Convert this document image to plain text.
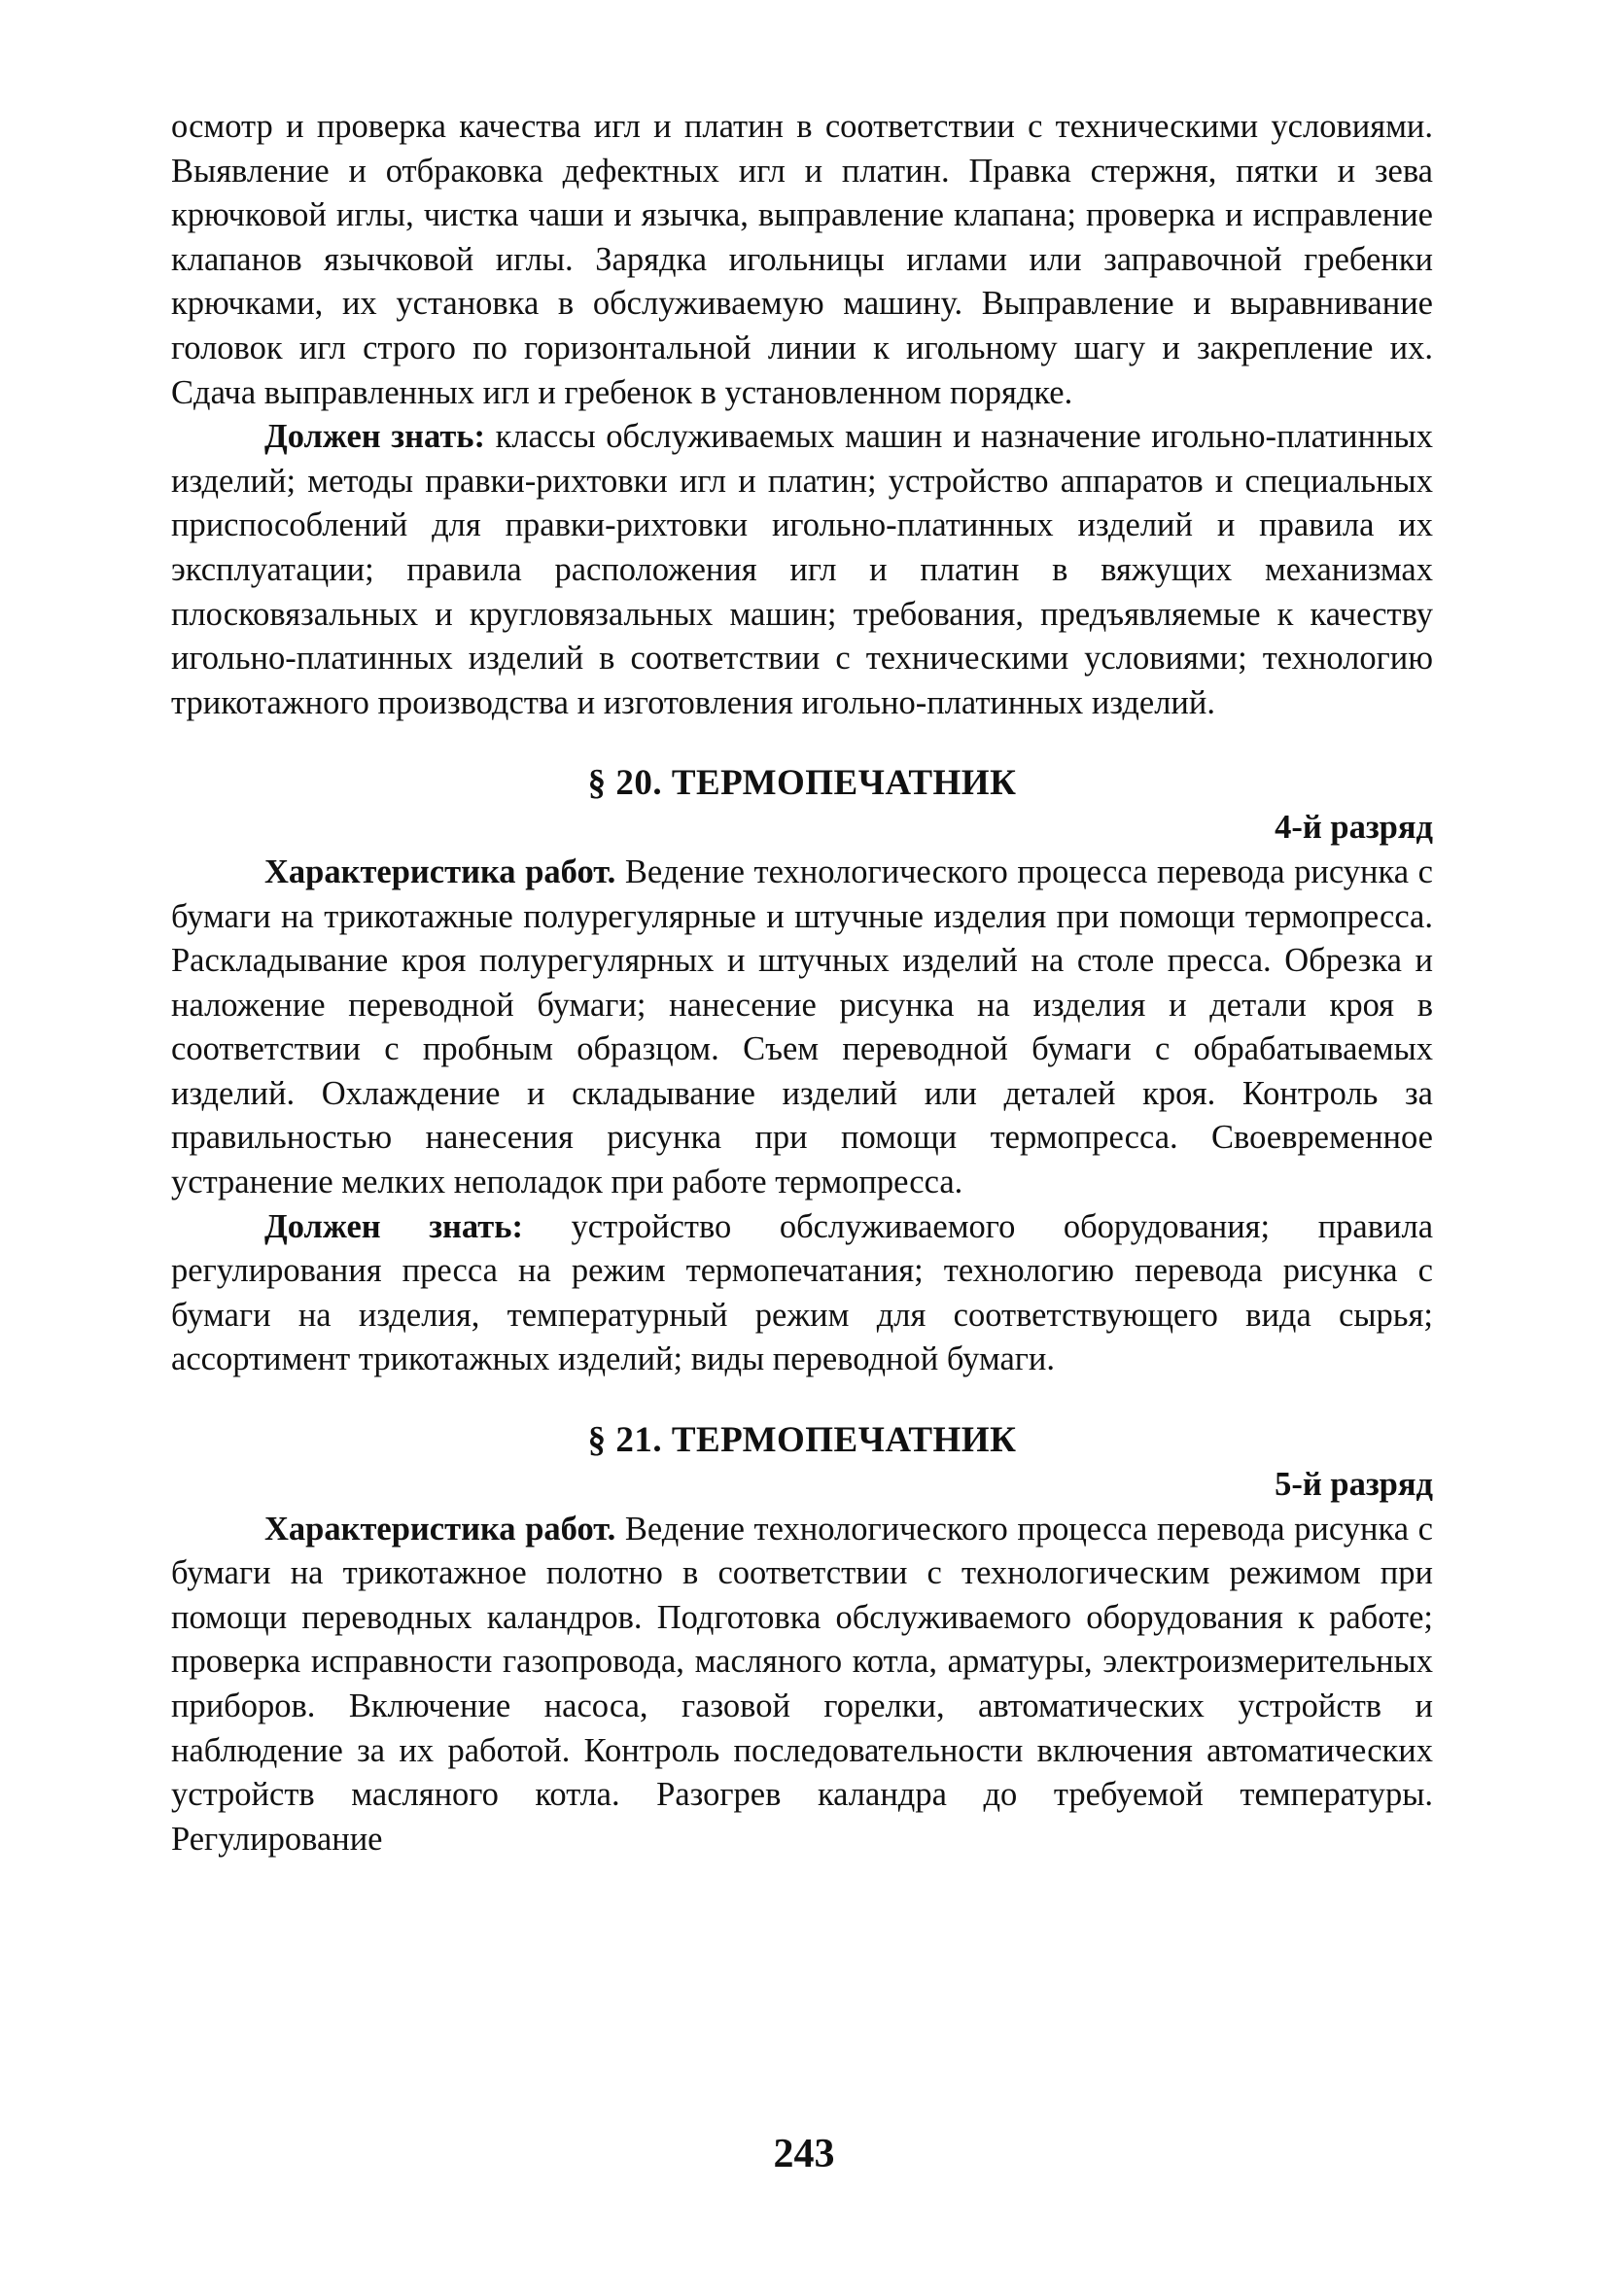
осмотр и проверка качества игл и платин в соответствии с техническими условиями. Выявление и отбраковка дефектных игл и платин. Правка стержня, пятки и зева крючковой иглы, чистка чаши и язычка, выправление клапана; проверка и исправление клапанов язычковой иглы. Зарядка игольницы иглами или заправочной гребенки крючками, их установка в обслуживаемую машину. Выправление и выравнивание головок игл строго по горизонтальной линии к игольному шагу и закрепление их. Сдача выправленных игл и гребенок в установленном порядке.

Должен знать: классы обслуживаемых машин и назначение игольно-платинных изделий; методы правки-рихтовки игл и платин; устройство аппаратов и специальных приспособлений для правки-рихтовки игольно-платинных изделий и правила их эксплуатации; правила расположения игл и платин в вяжущих механизмах плосковязальных и кругловязальных машин; требования, предъявляемые к качеству игольно-платинных изделий в соответствии с техническими условиями; технологию трикотажного производства и изготовления игольно-платинных изделий.

§ 20. ТЕРМОПЕЧАТНИК
4-й разряд

Характеристика работ. Ведение технологического процесса перевода рисунка с бумаги на трикотажные полурегулярные и штучные изделия при помощи термопресса. Раскладывание кроя полурегулярных и штучных изделий на столе пресса. Обрезка и наложение переводной бумаги; нанесение рисунка на изделия и детали кроя в соответствии с пробным образцом. Съем переводной бумаги с обрабатываемых изделий. Охлаждение и складывание изделий или деталей кроя. Контроль за правильностью нанесения рисунка при помощи термопресса. Своевременное устранение мелких неполадок при работе термопресса.

Должен знать: устройство обслуживаемого оборудования; правила регулирования пресса на режим термопечатания; технологию перевода рисунка с бумаги на изделия, температурный режим для соответствующего вида сырья; ассортимент трикотажных изделий; виды переводной бумаги.

§ 21. ТЕРМОПЕЧАТНИК
5-й разряд

Характеристика работ. Ведение технологического процесса перевода рисунка с бумаги на трикотажное полотно в соответствии с технологическим режимом при помощи переводных каландров. Подготовка обслуживаемого оборудования к работе; проверка исправности газопровода, масляного котла, арматуры, электроизмерительных приборов. Включение насоса, газовой горелки, автоматических устройств и наблюдение за их работой. Контроль последовательности включения автоматических устройств масляного котла. Разогрев каландра до требуемой температуры. Регулирование

243
